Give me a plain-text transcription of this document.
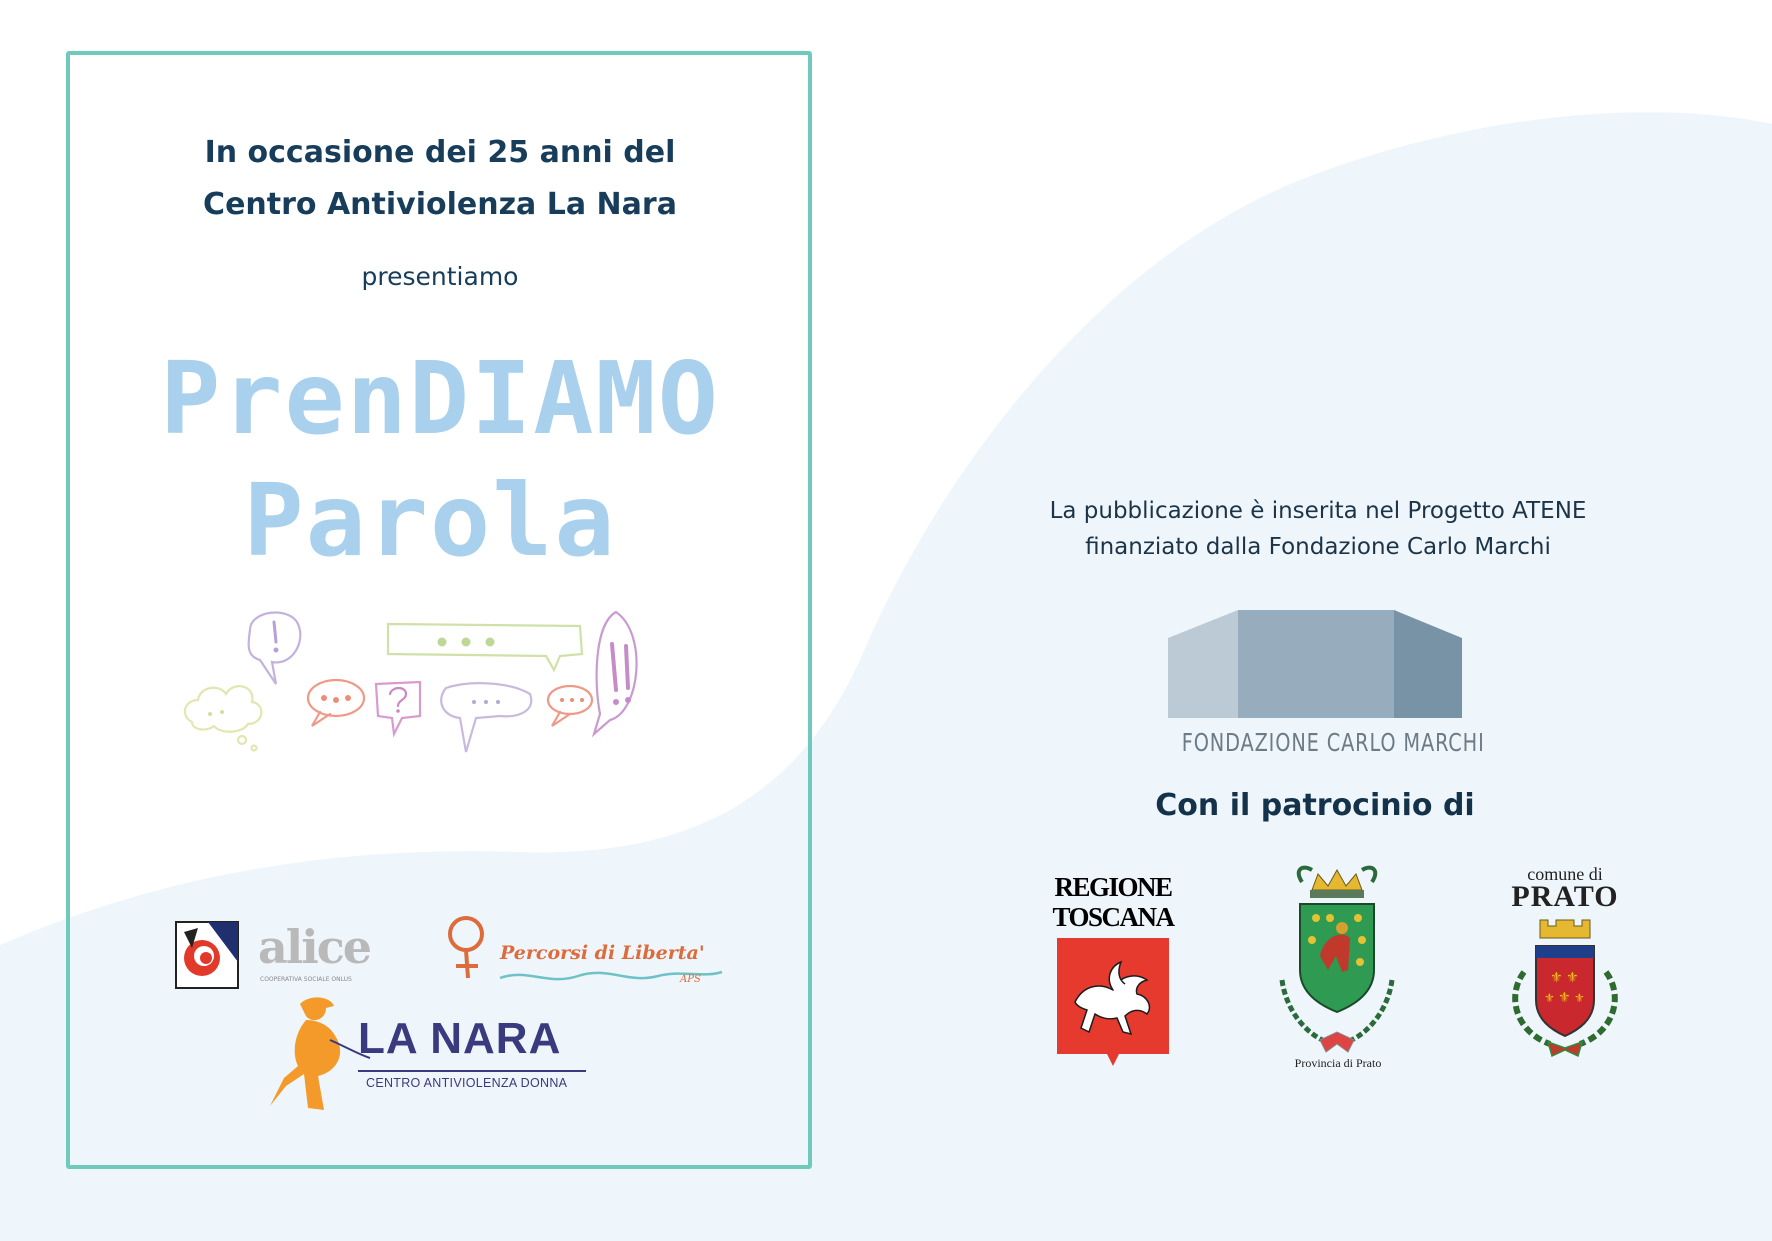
In occasione dei 25 anni del
Centro Antiviolenza La Nara
presentiamo
PrenDIAMO
Parola
alice
COOPERATIVA SOCIALE ONLUS
Percorsi di Liberta'
APS
LA NARA
CENTRO ANTIVIOLENZA DONNA
La pubblicazione è inserita nel Progetto ATENE
finanziato dalla Fondazione Carlo Marchi
FONDAZIONE CARLO MARCHI
Con il patrocinio di
REGIONE TOSCANA
Provincia di Prato
comune di
PRATO
⚜ ⚜
⚜
⚜ ⚜
